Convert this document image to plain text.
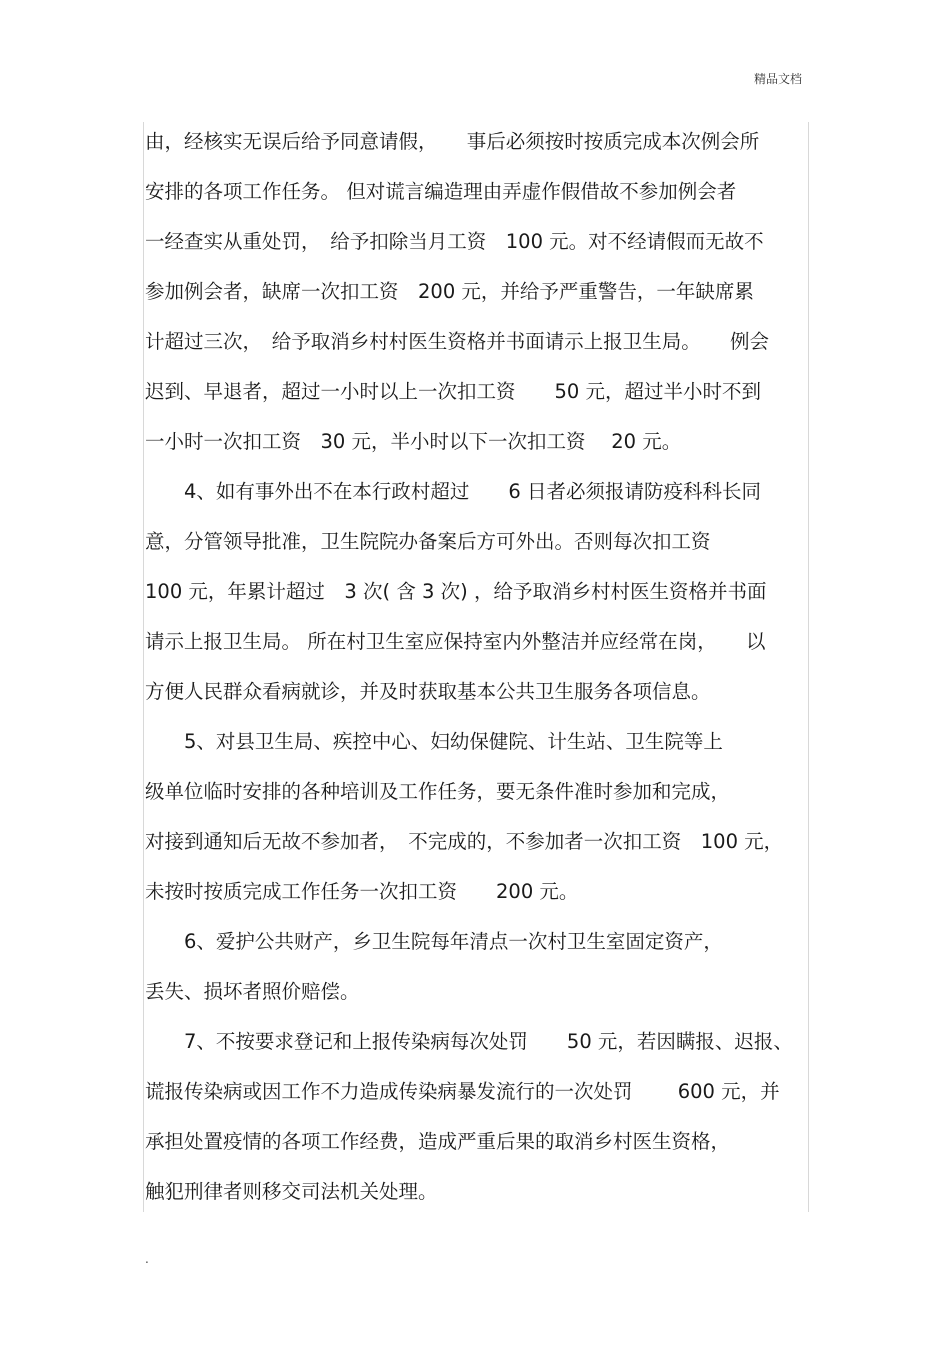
精品文档
由，经核实无误后给予同意请假，　　事后必须按时按质完成本次例会所
安排的各项工作任务。 但对谎言编造理由弄虚作假借故不参加例会者
一经查实从重处罚，　给予扣除当月工资　100 元。对不经请假而无故不
参加例会者，缺席一次扣工资　200 元，并给予严重警告，一年缺席累
计超过三次，　给予取消乡村村医生资格并书面请示上报卫生局。　　例会
迟到、早退者，超过一小时以上一次扣工资　　50 元，超过半小时不到
一小时一次扣工资　30 元，半小时以下一次扣工资　 20 元。
　　4、如有事外出不在本行政村超过　　6 日者必须报请防疫科科长同
意，分管领导批准，卫生院院办备案后方可外出。否则每次扣工资
100 元，年累计超过　3 次( 含 3 次) ，给予取消乡村村医生资格并书面
请示上报卫生局。 所在村卫生室应保持室内外整洁并应经常在岗，　　以
方便人民群众看病就诊，并及时获取基本公共卫生服务各项信息。
　　5、对县卫生局、疾控中心、妇幼保健院、计生站、卫生院等上
级单位临时安排的各种培训及工作任务，要无条件准时参加和完成，
对接到通知后无故不参加者，　不完成的，不参加者一次扣工资　100 元，
未按时按质完成工作任务一次扣工资　　200 元。
　　6、爱护公共财产，乡卫生院每年清点一次村卫生室固定资产，
丢失、损坏者照价赔偿。
　　7、不按要求登记和上报传染病每次处罚　　50 元，若因瞒报、迟报、
谎报传染病或因工作不力造成传染病暴发流行的一次处罚　　 600 元，并
承担处置疫情的各项工作经费，造成严重后果的取消乡村医生资格，
触犯刑律者则移交司法机关处理。
.
